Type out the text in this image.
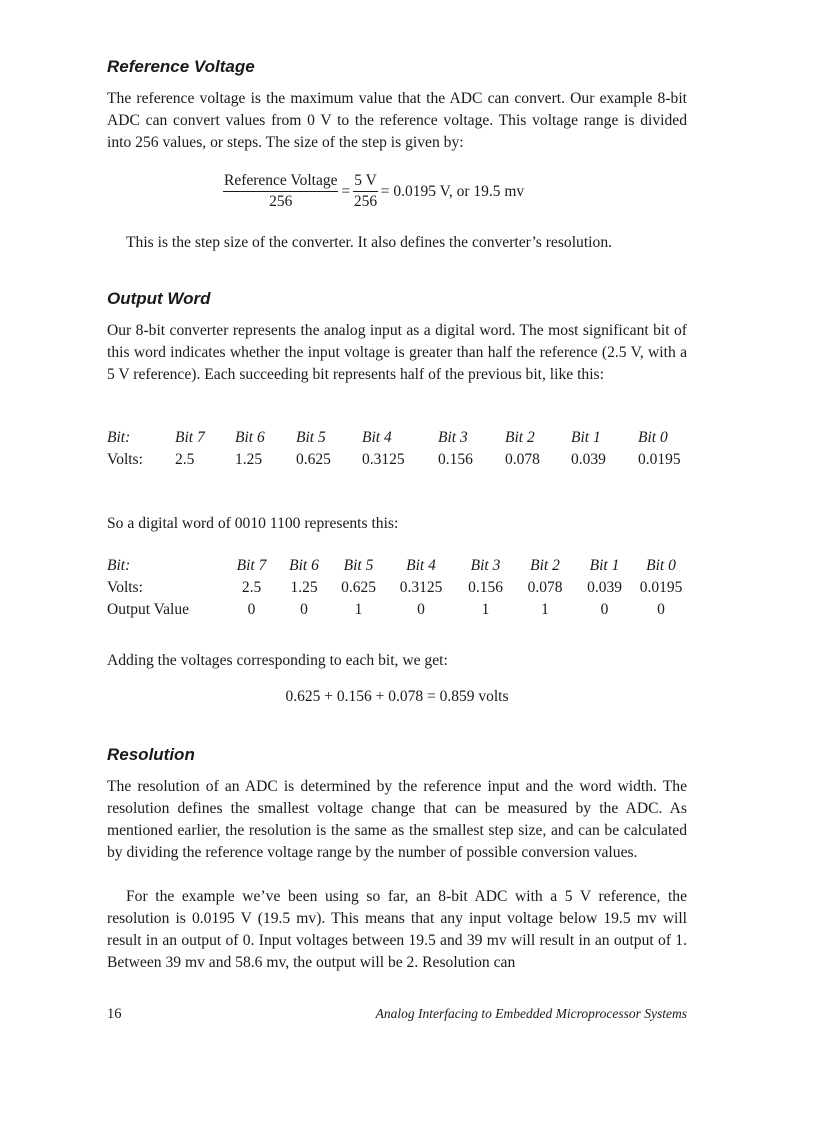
Reference Voltage

The reference voltage is the maximum value that the ADC can convert. Our example 8-bit ADC can convert values from 0 V to the reference voltage. This voltage range is divided into 256 values, or steps. The size of the step is given by:

$\frac{\text{Reference Voltage}}{256} = \frac{5 V}{256} = 0.0195$ V, or 19.5 mv

This is the step size of the converter. It also defines the converter’s resolution.

Output Word

Our 8-bit converter represents the analog input as a digital word. The most significant bit of this word indicates whether the input voltage is greater than half the reference (2.5 V, with a 5 V reference). Each succeeding bit represents half of the previous bit, like this:

Bit:	Bit 7	Bit 6	Bit 5	Bit 4	Bit 3	Bit 2	Bit 1	Bit 0
Volts:	2.5	1.25	0.625	0.3125	0.156	0.078	0.039	0.0195

So a digital word of 0010 1100 represents this:

Bit:	Bit 7	Bit 6	Bit 5	Bit 4	Bit 3	Bit 2	Bit 1	Bit 0
Volts:	2.5	1.25	0.625	0.3125	0.156	0.078	0.039	0.0195
Output Value	0	0	1	0	1	1	0	0

Adding the voltages corresponding to each bit, we get:

0.625 + 0.156 + 0.078 = 0.859 volts
Resolution

The resolution of an ADC is determined by the reference input and the word width. The resolution defines the smallest voltage change that can be measured by the ADC. As mentioned earlier, the resolution is the same as the smallest step size, and can be calculated by dividing the reference voltage range by the number of possible conversion values.

For the example we’ve been using so far, an 8-bit ADC with a 5 V reference, the resolution is 0.0195 V (19.5 mv). This means that any input voltage below 19.5 mv will result in an output of 0. Input voltages between 19.5 and 39 mv will result in an output of 1. Between 39 mv and 58.6 mv, the output will be 2. Resolution can

16	Analog Interfacing to Embedded Microprocessor Systems
